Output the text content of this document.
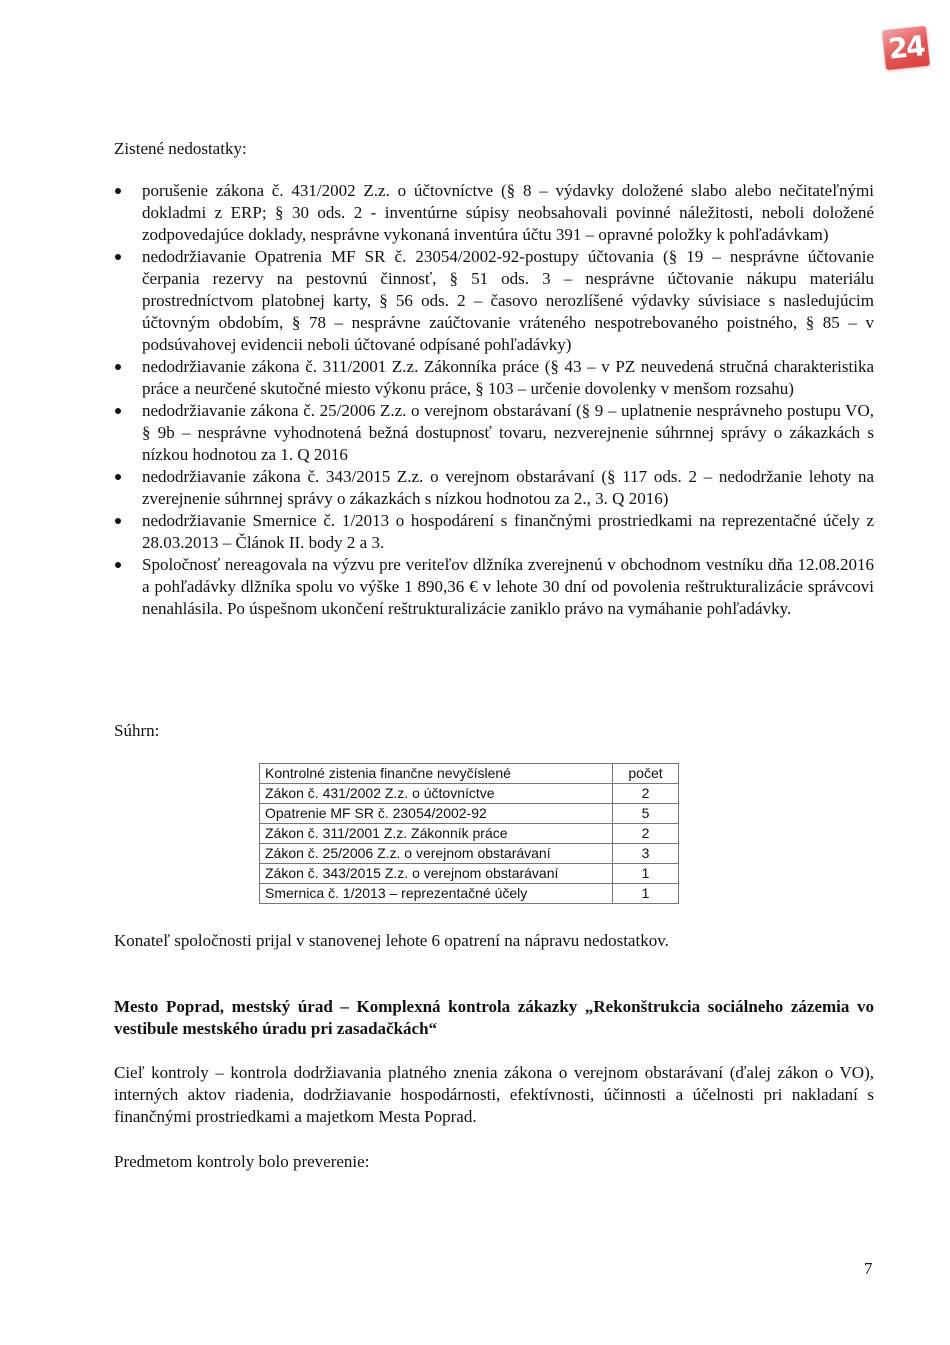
24
Zistené nedostatky:
porušenie zákona č. 431/2002 Z.z. o účtovníctve (§ 8 – výdavky doložené slabo alebo nečitateľnými dokladmi z ERP; § 30 ods. 2 - inventúrne súpisy neobsahovali povinné náležitosti, neboli doložené zodpovedajúce doklady, nesprávne vykonaná inventúra účtu 391 – opravné položky k pohľadávkam)
nedodržiavanie Opatrenia MF SR č. 23054/2002-92-postupy účtovania (§ 19 – nesprávne účtovanie čerpania rezervy na pestovnú činnosť, § 51 ods. 3 – nesprávne účtovanie nákupu materiálu prostredníctvom platobnej karty, § 56 ods. 2 – časovo nerozlíšené výdavky súvisiace s nasledujúcim účtovným obdobím, § 78 – nesprávne zaúčtovanie vráteného nespotrebovaného poistného, § 85 – v podsúvahovej evidencii neboli účtované odpísané pohľadávky)
nedodržiavanie zákona č. 311/2001 Z.z. Zákonníka práce (§ 43 – v PZ neuvedená stručná charakteristika práce a neurčené skutočné miesto výkonu práce, § 103 – určenie dovolenky v menšom rozsahu)
nedodržiavanie zákona č. 25/2006 Z.z. o verejnom obstarávaní (§ 9 – uplatnenie nesprávneho postupu VO, § 9b – nesprávne vyhodnotená bežná dostupnosť tovaru, nezverejnenie súhrnnej správy o zákazkách s nízkou hodnotou za 1. Q 2016
nedodržiavanie zákona č. 343/2015 Z.z. o verejnom obstarávaní (§ 117 ods. 2 – nedodržanie lehoty na zverejnenie súhrnnej správy o zákazkách s nízkou hodnotou za 2., 3. Q 2016)
nedodržiavanie Smernice č. 1/2013 o hospodárení s finančnými prostriedkami na reprezentačné účely z 28.03.2013 – Článok II. body 2 a 3.
Spoločnosť nereagovala na výzvu pre veriteľov dlžníka zverejnenú v obchodnom vestníku dňa 12.08.2016 a pohľadávky dlžníka spolu vo výške 1 890,36 € v lehote 30 dní od povolenia reštrukturalizácie správcovi nenahlásila. Po úspešnom ukončení reštrukturalizácie zaniklo právo na vymáhanie pohľadávky.
Súhrn:
Kontrolné zistenia finančne nevyčíslené	počet
Zákon č. 431/2002 Z.z. o účtovníctve	2
Opatrenie MF SR č. 23054/2002-92	5
Zákon č. 311/2001 Z.z. Zákonník práce	2
Zákon č. 25/2006 Z.z. o verejnom obstarávaní	3
Zákon č. 343/2015 Z.z. o verejnom obstarávaní	1
Smernica č. 1/2013 – reprezentačné účely	1
Konateľ spoločnosti prijal v stanovenej lehote 6 opatrení na nápravu nedostatkov.
Mesto Poprad, mestský úrad – Komplexná kontrola zákazky „Rekonštrukcia sociálneho zázemia vo vestibule mestského úradu pri zasadačkách“
Cieľ kontroly – kontrola dodržiavania platného znenia zákona o verejnom obstarávaní (ďalej zákon o VO), interných aktov riadenia, dodržiavanie hospodárnosti, efektívnosti, účinnosti a účelnosti pri nakladaní s finančnými prostriedkami a majetkom Mesta Poprad.
Predmetom kontroly bolo preverenie:
7
